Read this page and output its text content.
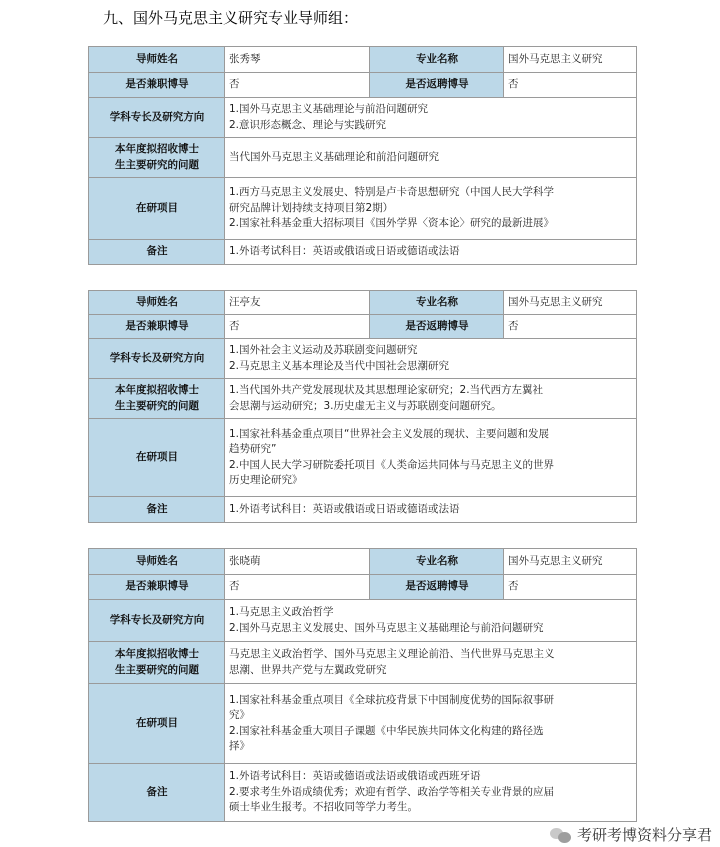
九、国外马克思主义研究专业导师组：
导师姓名	张秀琴	专业名称	国外马克思主义研究
是否兼职博导	否	是否返聘博导	否
学科专长及研究方向	1.国外马克思主义基础理论与前沿问题研究
2.意识形态概念、理论与实践研究		

本年度拟招收博士
生主要研究的问题	当代国外马克思主义基础理论和前沿问题研究		

在研项目	1.西方马克思主义发展史、特别是卢卡奇思想研究（中国人民大学科学
研究品牌计划持续支持项目第2期）
2.国家社科基金重大招标项目《国外学界〈资本论〉研究的最新进展》		

备注	1.外语考试科目：英语或俄语或日语或德语或法语		
导师姓名	汪亭友	专业名称	国外马克思主义研究
是否兼职博导	否	是否返聘博导	否
学科专长及研究方向	1.国外社会主义运动及苏联剧变问题研究
2.马克思主义基本理论及当代中国社会思潮研究		

本年度拟招收博士
生主要研究的问题	1.当代国外共产党发展现状及其思想理论家研究；2.当代西方左翼社
会思潮与运动研究；3.历史虚无主义与苏联剧变问题研究。		

在研项目	1.国家社科基金重点项目“世界社会主义发展的现状、主要问题和发展
趋势研究”
2.中国人民大学习研院委托项目《人类命运共同体与马克思主义的世界
历史理论研究》		

备注	1.外语考试科目：英语或俄语或日语或德语或法语		
导师姓名	张晓萌	专业名称	国外马克思主义研究
是否兼职博导	否	是否返聘博导	否
学科专长及研究方向	1.马克思主义政治哲学
2.国外马克思主义发展史、国外马克思主义基础理论与前沿问题研究		

本年度拟招收博士
生主要研究的问题	马克思主义政治哲学、国外马克思主义理论前沿、当代世界马克思主义
思潮、世界共产党与左翼政党研究		

在研项目	1.国家社科基金重点项目《全球抗疫背景下中国制度优势的国际叙事研
究》
2.国家社科基金重大项目子课题《中华民族共同体文化构建的路径选
择》		

备注	1.外语考试科目：英语或德语或法语或俄语或西班牙语
2.要求考生外语成绩优秀；欢迎有哲学、政治学等相关专业背景的应届
硕士毕业生报考。不招收同等学力考生。		
考研考博资料分享君
